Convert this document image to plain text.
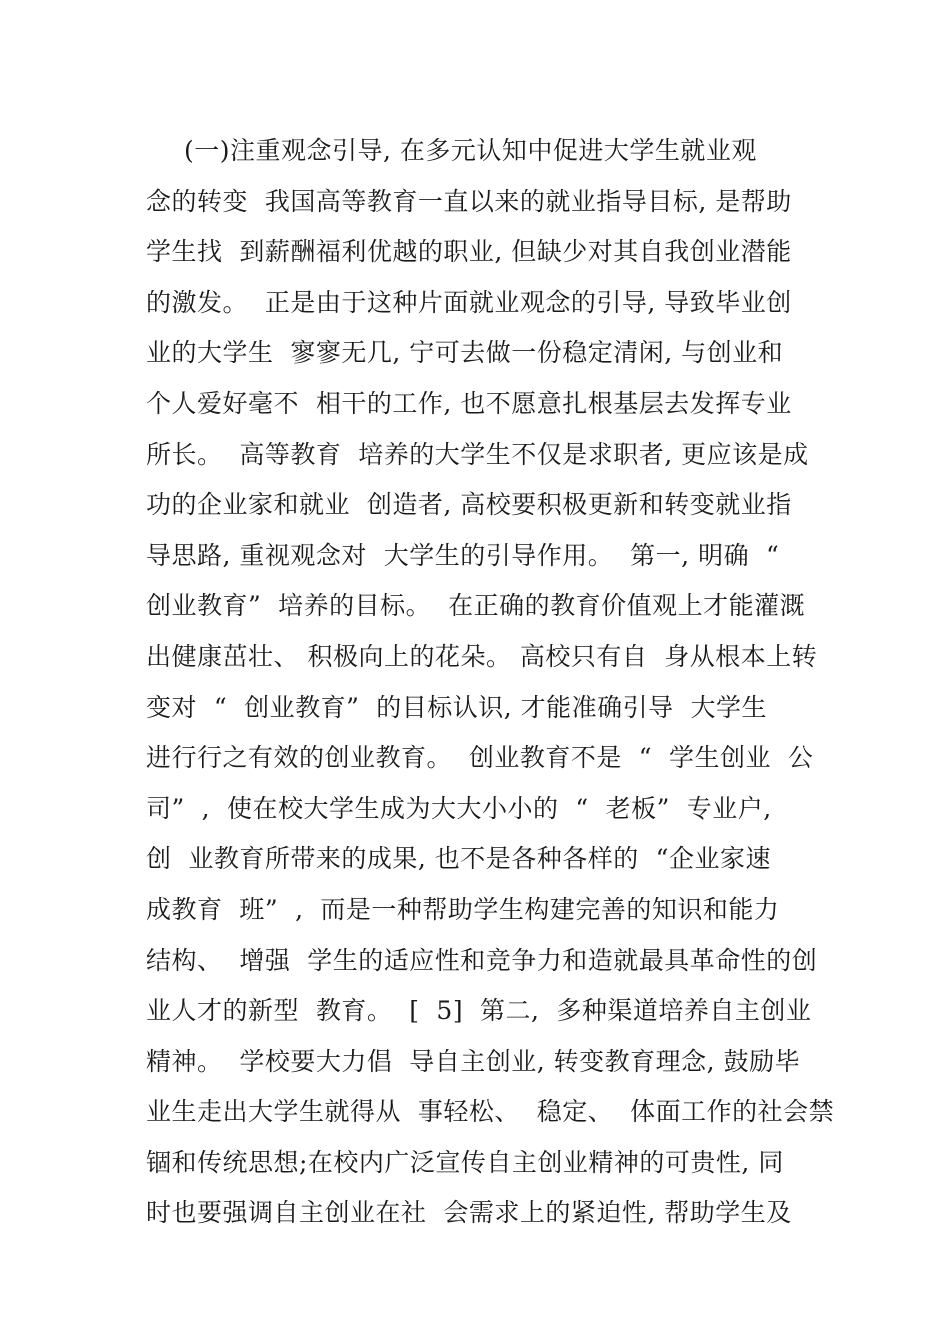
(一)注重观念引导, 在多元认知中促进大学生就业观
念的转变  我国高等教育一直以来的就业指导目标, 是帮助
学生找  到薪酬福利优越的职业, 但缺少对其自我创业潜能
的激发。  正是由于这种片面就业观念的引导, 导致毕业创
业的大学生  寥寥无几, 宁可去做一份稳定清闲, 与创业和
个人爱好毫不  相干的工作, 也不愿意扎根基层去发挥专业
所长。  高等教育  培养的大学生不仅是求职者, 更应该是成
功的企业家和就业  创造者, 高校要积极更新和转变就业指
导思路, 重视观念对  大学生的引导作用。  第一, 明确  “
创业教育”  培养的目标。  在正确的教育价值观上才能灌溉
出健康茁壮、 积极向上的花朵。 高校只有自  身从根本上转
变对  “  创业教育”  的目标认识, 才能准确引导  大学生
进行行之有效的创业教育。  创业教育不是  “  学生创业  公
司”  ,  使在校大学生成为大大小小的  “  老板”  专业户,
创  业教育所带来的成果, 也不是各种各样的  “企业家速
成教育  班”  ,  而是一种帮助学生构建完善的知识和能力
结构、  增强  学生的适应性和竞争力和造就最具革命性的创
业人才的新型  教育。  [  5]  第二,  多种渠道培养自主创业
精神。  学校要大力倡  导自主创业, 转变教育理念, 鼓励毕
业生走出大学生就得从  事轻松、  稳定、  体面工作的社会禁
锢和传统思想;在校内广泛宣传自主创业精神的可贵性, 同
时也要强调自主创业在社  会需求上的紧迫性, 帮助学生及
